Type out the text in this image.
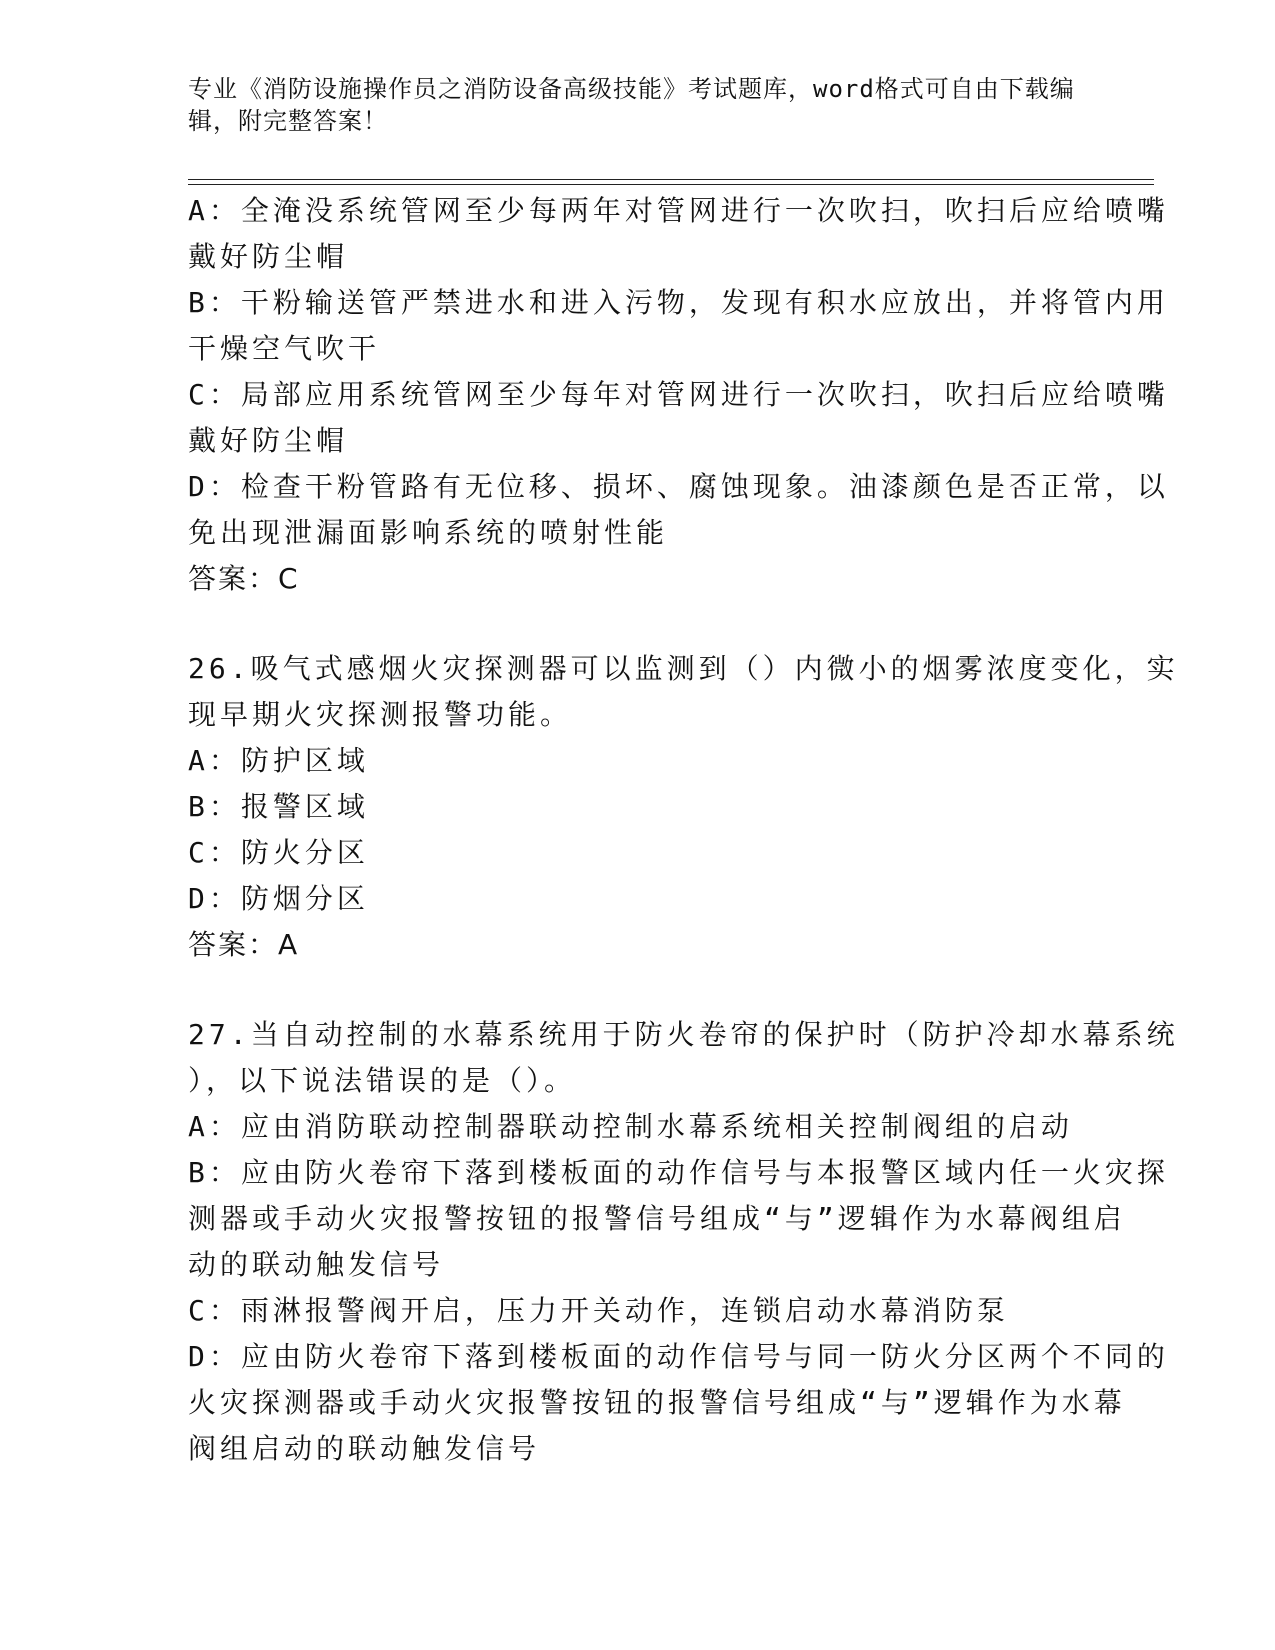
专业《消防设施操作员之消防设备高级技能》考试题库，word格式可自由下载编
辑，附完整答案！
A：全淹没系统管网至少每两年对管网进行一次吹扫，吹扫后应给喷嘴
戴好防尘帽
B：干粉输送管严禁进水和进入污物，发现有积水应放出，并将管内用
干燥空气吹干
C：局部应用系统管网至少每年对管网进行一次吹扫，吹扫后应给喷嘴
戴好防尘帽
D：检查干粉管路有无位移、损坏、腐蚀现象。油漆颜色是否正常，以
免出现泄漏面影响系统的喷射性能
答案：C
26.吸气式感烟火灾探测器可以监测到（）内微小的烟雾浓度变化，实
现早期火灾探测报警功能。
A：防护区域
B：报警区域
C：防火分区
D：防烟分区
答案：A
27.当自动控制的水幕系统用于防火卷帘的保护时（防护冷却水幕系统
），以下说法错误的是（）。
A：应由消防联动控制器联动控制水幕系统相关控制阀组的启动
B：应由防火卷帘下落到楼板面的动作信号与本报警区域内任一火灾探
测器或手动火灾报警按钮的报警信号组成“与”逻辑作为水幕阀组启
动的联动触发信号
C：雨淋报警阀开启，压力开关动作，连锁启动水幕消防泵
D：应由防火卷帘下落到楼板面的动作信号与同一防火分区两个不同的
火灾探测器或手动火灾报警按钮的报警信号组成“与”逻辑作为水幕
阀组启动的联动触发信号
